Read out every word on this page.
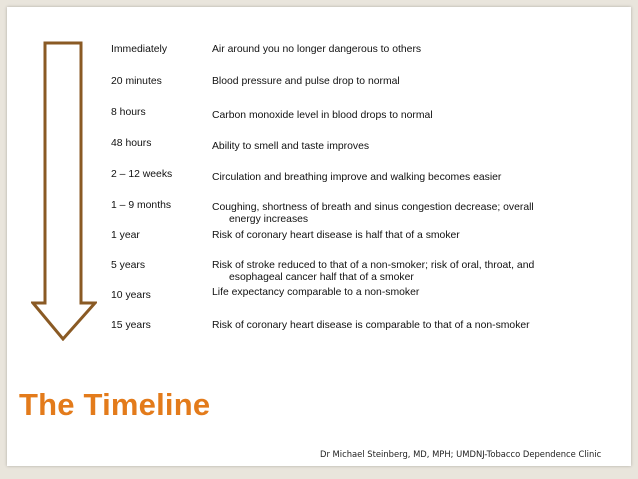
Immediately	Air around you no longer dangerous to others
20 minutes	Blood pressure and pulse drop to normal
8 hours	Carbon monoxide level in blood drops to normal
48 hours	Ability to smell and taste improves
2 – 12 weeks	Circulation and breathing improve and walking becomes easier
1 – 9 months	Coughing, shortness of breath and sinus congestion decrease; overall
energy increases
1 year	Risk of coronary heart disease is half that of a smoker
5 years	Risk of stroke reduced to that of a non-smoker; risk of oral, throat, and
esophageal cancer half that of a smoker
10 years	Life expectancy comparable to a non-smoker
15 years	Risk of coronary heart disease is comparable to that of a non-smoker
The Timeline
Dr Michael Steinberg, MD, MPH; UMDNJ-Tobacco Dependence Clinic
